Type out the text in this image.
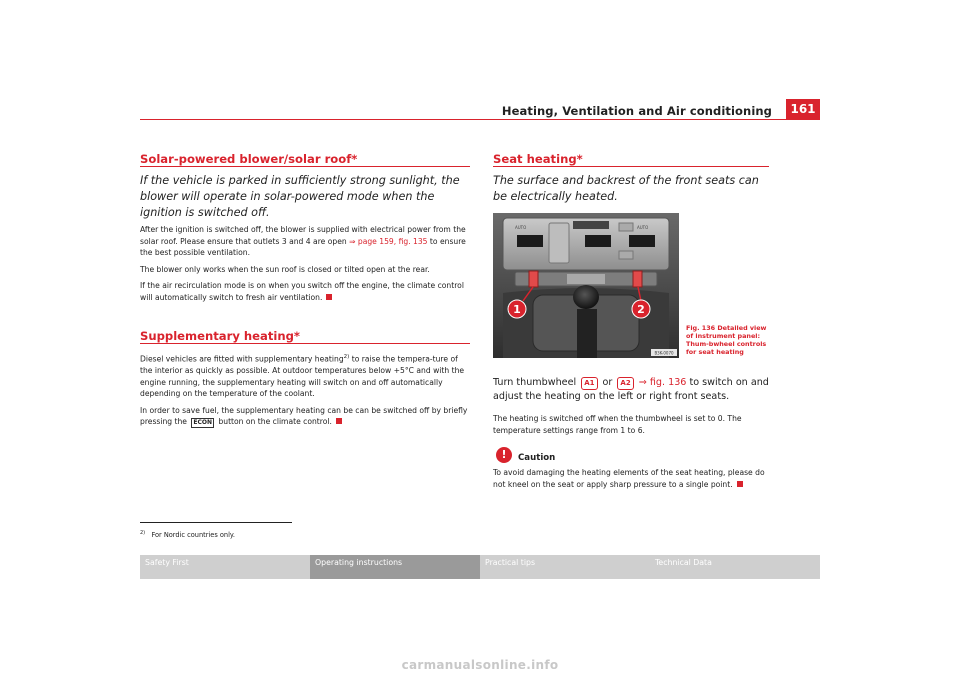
Heating, Ventilation and Air conditioning	161
Solar-powered blower/solar roof*
If the vehicle is parked in sufficiently strong sunlight, the blower will operate in solar-powered mode when the ignition is switched off.

After the ignition is switched off, the blower is supplied with electrical power from the solar roof. Please ensure that outlets 3 and 4 are open ⇒ page 159, fig. 135 to ensure the best possible ventilation.

The blower only works when the sun roof is closed or tilted open at the rear.

If the air recirculation mode is on when you switch off the engine, the climate control will automatically switch to fresh air ventilation.

Supplementary heating*

Diesel vehicles are fitted with supplementary heating$^{2)}$ to raise the tempera-ture of the interior as quickly as possible. At outdoor temperatures below +5°C and with the engine running, the supplementary heating will switch on and off automatically depending on the temperature of the coolant.

In order to save fuel, the supplementary heating can be can be switched off by briefly pressing the ECON button on the climate control.

$^{2)}$ For Nordic countries only.
Seat heating*
The surface and backrest of the front seats can be electrically heated.
AUTO	AUTO
1	2
B3K-0070
Fig. 136 Detailed view of instrument panel: Thum-bwheel controls for seat heating
Turn thumbwheel A1 or A2 ⇒ fig. 136 to switch on and adjust the heating on the left or right front seats.
The heating is switched off when the thumbwheel is set to 0. The temperature settings range from 1 to 6.
!	Caution
To avoid damaging the heating elements of the seat heating, please do not kneel on the seat or apply sharp pressure to a single point.
Safety First	Operating instructions	Practical tips	Technical Data
carmanualsonline.info
